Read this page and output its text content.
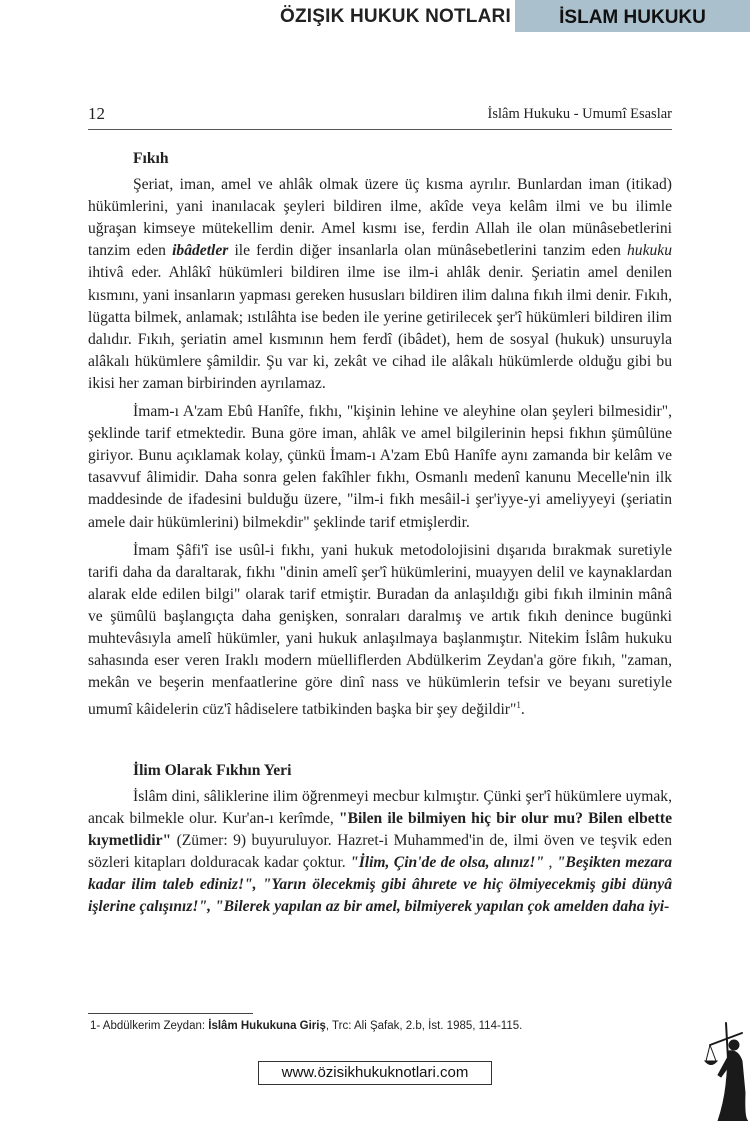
ÖZIŞIK HUKUK NOTLARI	İSLAM HUKUKU
12	İslâm Hukuku - Umumî Esaslar
Fıkıh

Şeriat, iman, amel ve ahlâk olmak üzere üç kısma ayrılır. Bunlardan iman (itikad) hükümlerini, yani inanılacak şeyleri bildiren ilme, akîde veya kelâm ilmi ve bu ilimle uğraşan kimseye mütekellim denir. Amel kısmı ise, ferdin Allah ile olan münâsebetlerini tanzim eden ibâdetler ile ferdin diğer insanlarla olan münâsebetlerini tanzim eden hukuku ihtivâ eder. Ahlâkî hükümleri bildiren ilme ise ilm-i ahlâk denir. Şeriatin amel denilen kısmını, yani insanların yapması gereken hususları bildiren ilim dalına fıkıh ilmi denir. Fıkıh, lügatta bilmek, anlamak; ıstılâhta ise beden ile yerine getirilecek şer'î hükümleri bildiren ilim dalıdır. Fıkıh, şeriatin amel kısmının hem ferdî (ibâdet), hem de sosyal (hukuk) unsuruyla alâkalı hükümlere şâmildir. Şu var ki, zekât ve cihad ile alâkalı hükümlerde olduğu gibi bu ikisi her zaman birbirinden ayrılamaz.

İmam-ı A'zam Ebû Hanîfe, fıkhı, "kişinin lehine ve aleyhine olan şeyleri bilmesidir", şeklinde tarif etmektedir. Buna göre iman, ahlâk ve amel bilgilerinin hepsi fıkhın şümûlüne giriyor. Bunu açıklamak kolay, çünkü İmam-ı A'zam Ebû Hanîfe aynı zamanda bir kelâm ve tasavvuf âlimidir. Daha sonra gelen fakîhler fıkhı, Osmanlı medenî kanunu Mecelle'nin ilk maddesinde de ifadesini bulduğu üzere, "ilm-i fıkh mesâil-i şer'iyye-yi ameliyyeyi (şeriatin amele dair hükümlerini) bilmekdir" şeklinde tarif etmişlerdir.

İmam Şâfi'î ise usûl-i fıkhı, yani hukuk metodolojisini dışarıda bırakmak suretiyle tarifi daha da daraltarak, fıkhı "dinin amelî şer'î hükümlerini, muayyen delil ve kaynaklardan alarak elde edilen bilgi" olarak tarif etmiştir. Buradan da anlaşıldığı gibi fıkıh ilminin mânâ ve şümûlü başlangıçta daha genişken, sonraları daralmış ve artık fıkıh denince bugünki muhtevâsıyla amelî hükümler, yani hukuk anlaşılmaya başlanmıştır. Nitekim İslâm hukuku sahasında eser veren Iraklı modern müelliflerden Abdülkerim Zeydan'a göre fıkıh, "zaman, mekân ve beşerin menfaatlerine göre dinî nass ve hükümlerin tefsir ve beyanı suretiyle umumî kâidelerin cüz'î hâdiselere tatbikinden başka bir şey değildir"$^1$.

İlim Olarak Fıkhın Yeri

İslâm dini, sâliklerine ilim öğrenmeyi mecbur kılmıştır. Çünki şer'î hükümlere uymak, ancak bilmekle olur. Kur'an-ı kerîmde, "Bilen ile bilmiyen hiç bir olur mu? Bilen elbette kıymetlidir" (Zümer: 9) buyuruluyor. Hazret-i Muhammed'in de, ilmi öven ve teşvik eden sözleri kitapları dolduracak kadar çoktur. "İlim, Çin'de de olsa, alınız!" , "Beşikten mezara kadar ilim taleb ediniz!", "Yarın ölecekmiş gibi âhırete ve hiç ölmiyecekmiş gibi dünyâ işlerine çalışınız!", "Bilerek yapılan az bir amel, bilmiyerek yapılan çok amelden daha iyi-

1- Abdülkerim Zeydan: İslâm Hukukuna Giriş, Trc: Ali Şafak, 2.b, İst. 1985, 114-115.
www.özisikhukuknotlari.com
